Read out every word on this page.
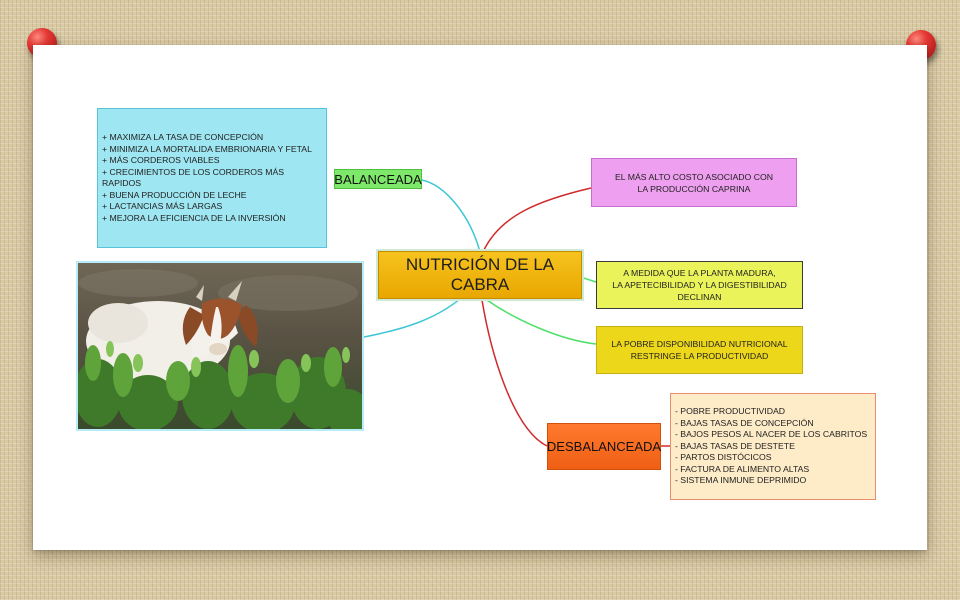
+ MAXIMIZA LA TASA DE CONCEPCIÓN
+ MINIMIZA LA MORTALIDA EMBRIONARIA Y FETAL
+ MÁS CORDEROS VIABLES
+ CRECIMIENTOS DE LOS CORDEROS MÁS RAPIDOS
+ BUENA PRODUCCIÓN DE LECHE
+ LACTANCIAS MÁS LARGAS
+ MEJORA LA EFICIENCIA DE LA INVERSIÓN
BALANCEADA
NUTRICIÓN DE LA
CABRA
EL MÁS ALTO COSTO ASOCIADO CON
LA PRODUCCIÓN CAPRINA
A MEDIDA QUE LA PLANTA MADURA,
LA APETECIBILIDAD Y LA DIGESTIBILIDAD
DECLINAN
LA POBRE DISPONIBILIDAD NUTRICIONAL
RESTRINGE LA PRODUCTIVIDAD
DESBALANCEADA
- POBRE PRODUCTIVIDAD
- BAJAS TASAS DE CONCEPCIÓN
- BAJOS PESOS AL NACER DE LOS CABRITOS
- BAJAS TASAS DE DESTETE
- PARTOS DISTÓCICOS
- FACTURA DE ALIMENTO ALTAS
- SISTEMA INMUNE DEPRIMIDO
